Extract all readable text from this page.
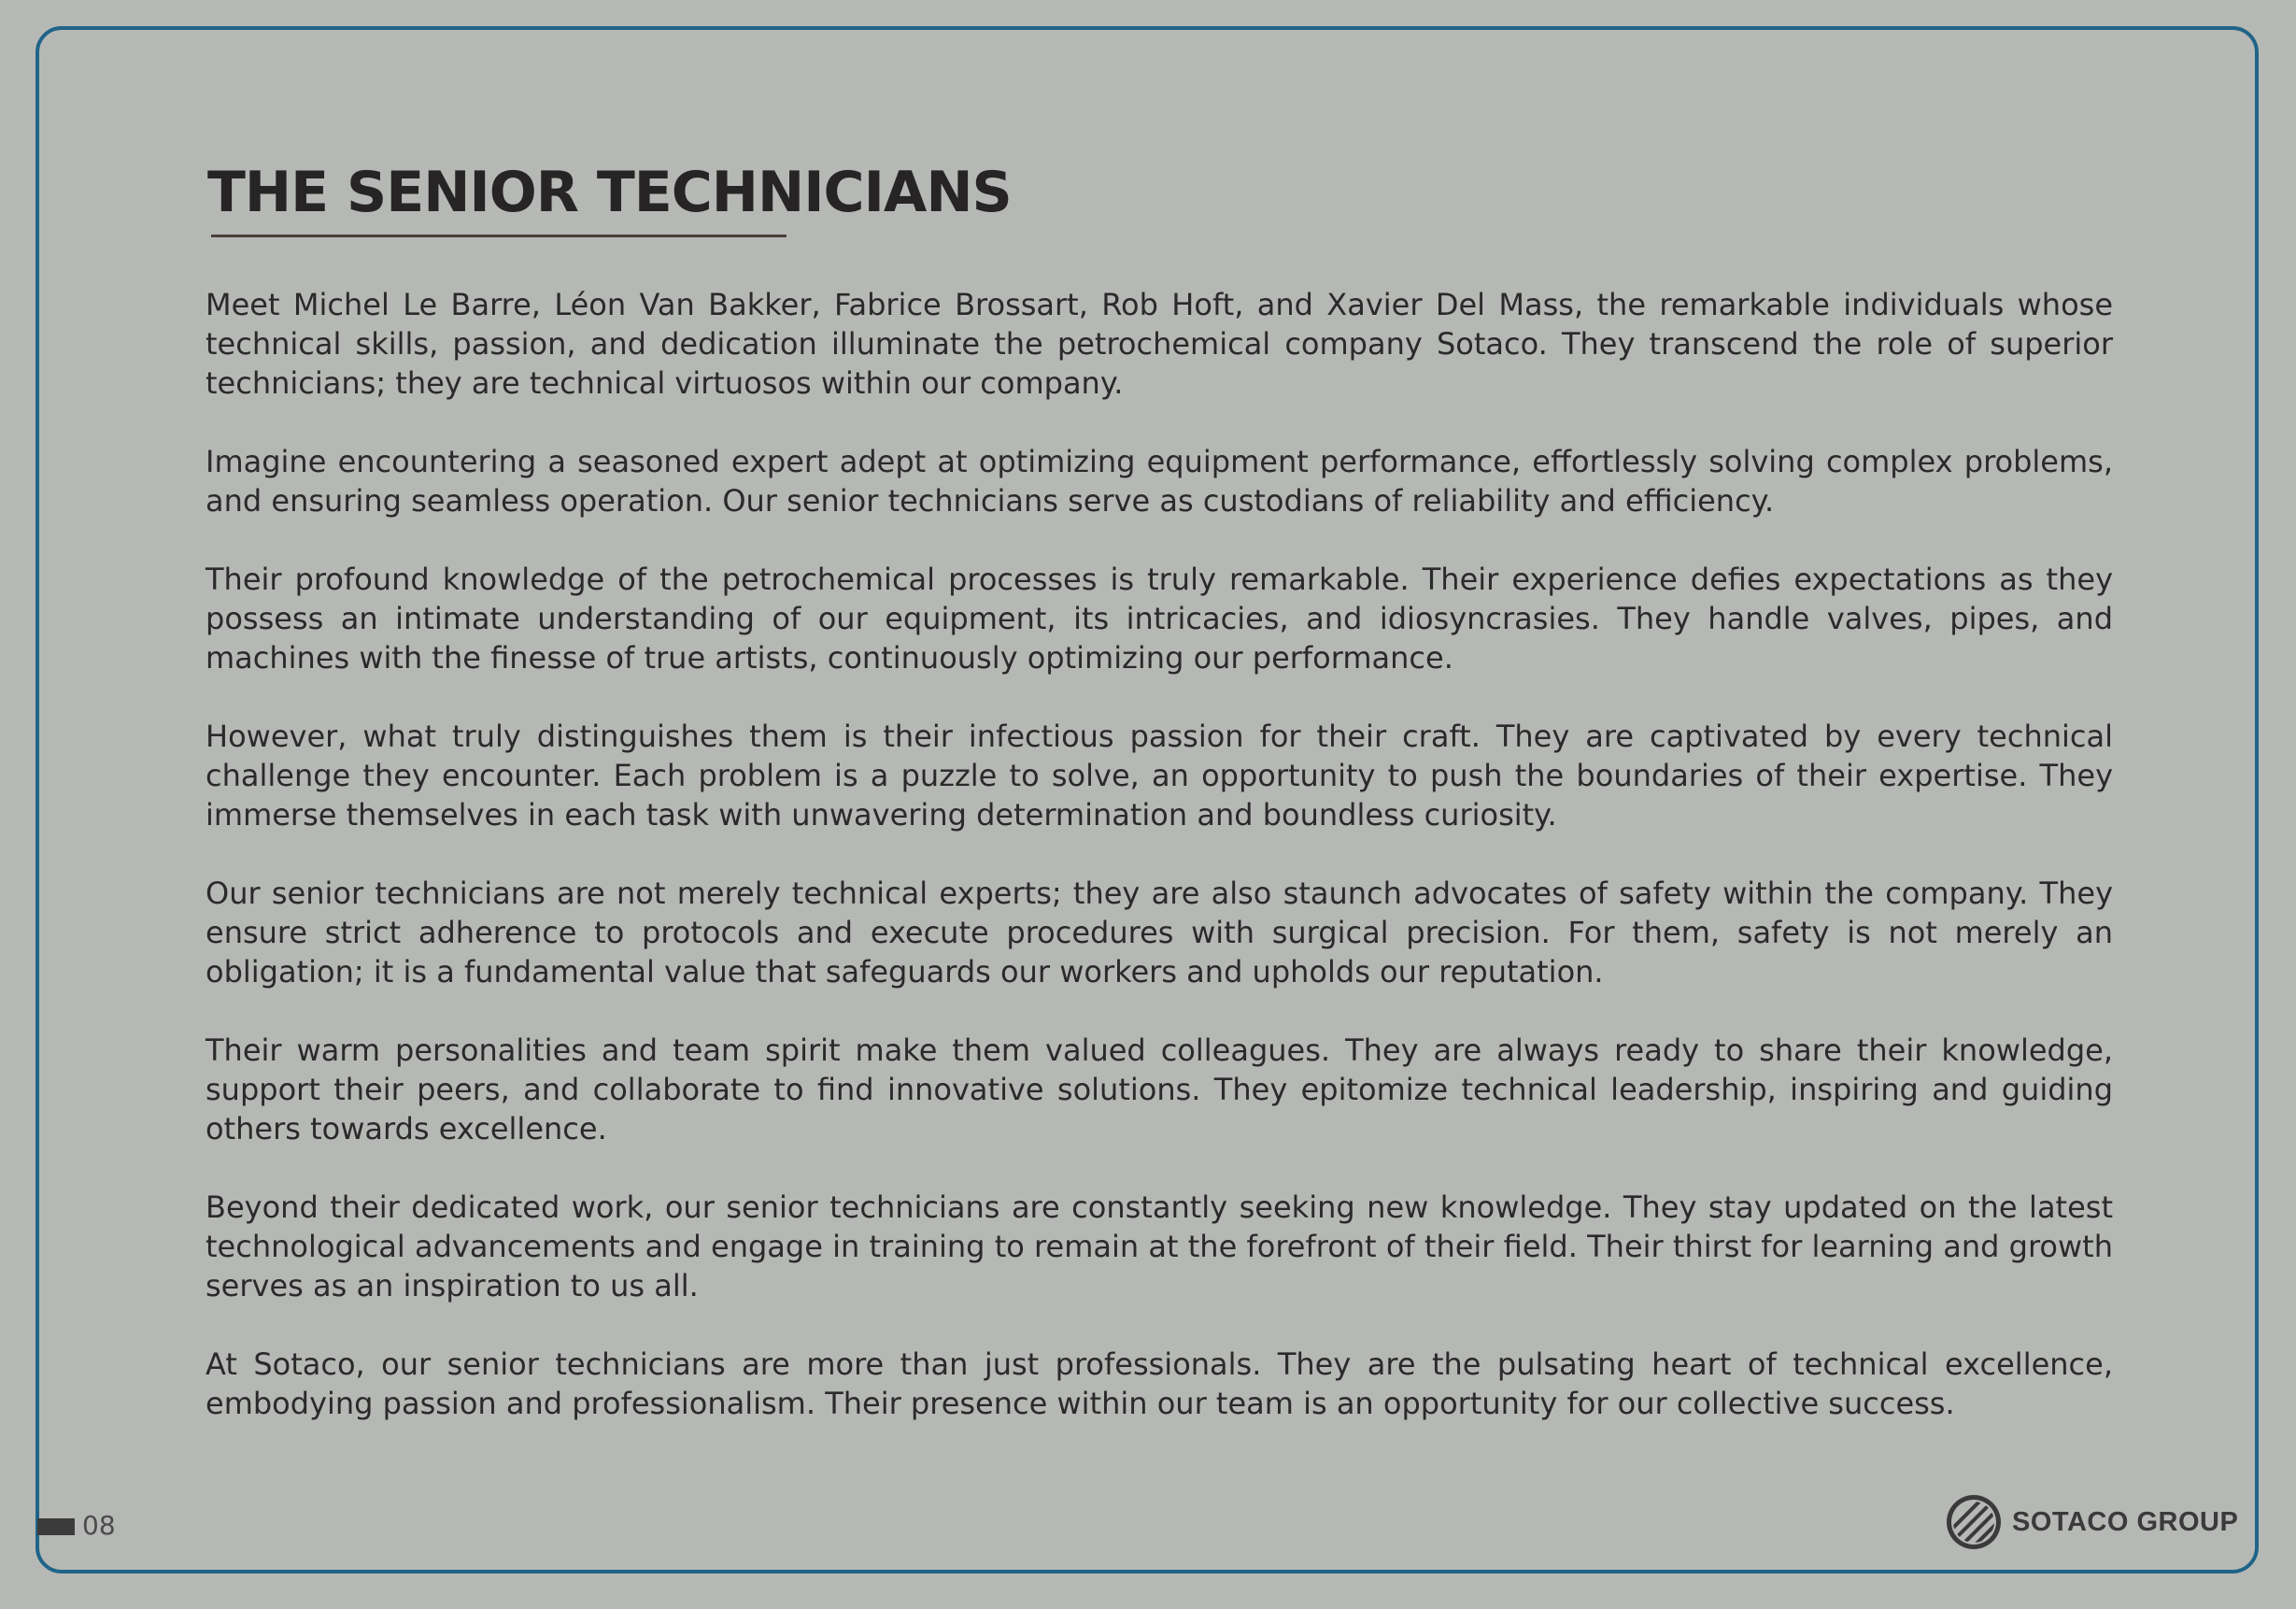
THE SENIOR TECHNICIANS

Meet Michel Le Barre, Léon Van Bakker, Fabrice Brossart, Rob Hoft, and Xavier Del Mass, the remarkable individuals whose technical skills, passion, and dedication illuminate the petrochemical company Sotaco. They transcend the role of superior technicians; they are technical virtuosos within our company.

Imagine encountering a seasoned expert adept at optimizing equipment performance, effortlessly solving complex problems, and ensuring seamless operation. Our senior technicians serve as custodians of reliability and efficiency.

Their profound knowledge of the petrochemical processes is truly remarkable. Their experience defies expectations as they possess an intimate understanding of our equipment, its intricacies, and idiosyncrasies. They handle valves, pipes, and machines with the finesse of true artists, continuously optimizing our performance.

However, what truly distinguishes them is their infectious passion for their craft. They are captivated by every technical challenge they encounter. Each problem is a puzzle to solve, an opportunity to push the boundaries of their expertise. They immerse themselves in each task with unwavering determination and boundless curiosity.

Our senior technicians are not merely technical experts; they are also staunch advocates of safety within the company. They ensure strict adherence to protocols and execute procedures with surgical precision. For them, safety is not merely an obligation; it is a fundamental value that safeguards our workers and upholds our reputation.

Their warm personalities and team spirit make them valued colleagues. They are always ready to share their knowledge, support their peers, and collaborate to find innovative solutions. They epitomize technical leadership, inspiring and guiding others towards excellence.

Beyond their dedicated work, our senior technicians are constantly seeking new knowledge. They stay updated on the latest technological advancements and engage in training to remain at the forefront of their field. Their thirst for learning and growth serves as an inspiration to us all.

At Sotaco, our senior technicians are more than just professionals. They are the pulsating heart of technical excellence, embodying passion and professionalism. Their presence within our team is an opportunity for our collective success.

08	SOTACO GROUP
